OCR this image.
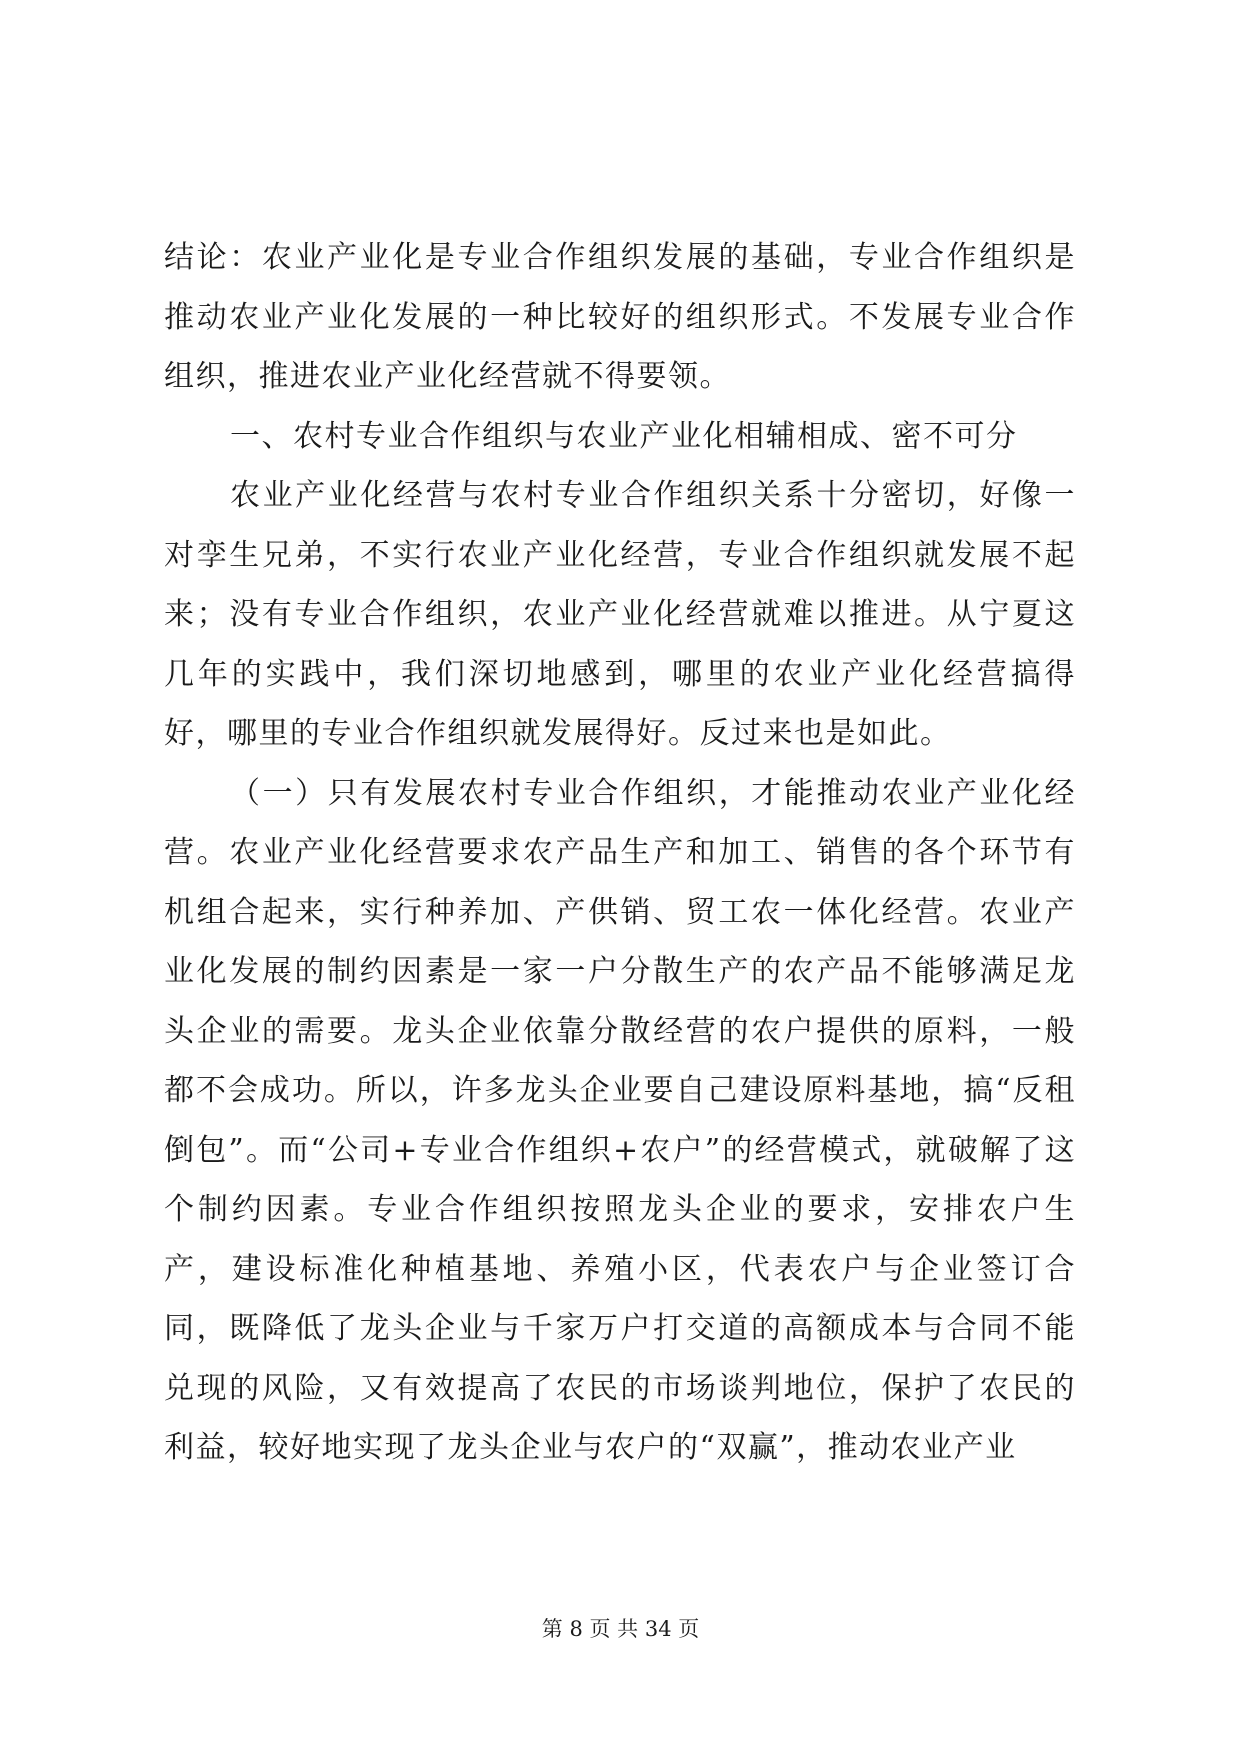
结论：农业产业化是专业合作组织发展的基础，专业合作组织是推动农业产业化发展的一种比较好的组织形式。不发展专业合作组织，推进农业产业化经营就不得要领。

一、农村专业合作组织与农业产业化相辅相成、密不可分

农业产业化经营与农村专业合作组织关系十分密切，好像一对孪生兄弟，不实行农业产业化经营，专业合作组织就发展不起来；没有专业合作组织，农业产业化经营就难以推进。从宁夏这几年的实践中，我们深切地感到，哪里的农业产业化经营搞得好，哪里的专业合作组织就发展得好。反过来也是如此。

（一）只有发展农村专业合作组织，才能推动农业产业化经营。农业产业化经营要求农产品生产和加工、销售的各个环节有机组合起来，实行种养加、产供销、贸工农一体化经营。农业产业化发展的制约因素是一家一户分散生产的农产品不能够满足龙头企业的需要。龙头企业依靠分散经营的农户提供的原料，一般都不会成功。所以，许多龙头企业要自己建设原料基地，搞“反租倒包”。而“公司+专业合作组织+农户”的经营模式，就破解了这个制约因素。专业合作组织按照龙头企业的要求，安排农户生产，建设标准化种植基地、养殖小区，代表农户与企业签订合同，既降低了龙头企业与千家万户打交道的高额成本与合同不能兑现的风险，又有效提高了农民的市场谈判地位，保护了农民的利益，较好地实现了龙头企业与农户的“双赢”，推动农业产业

第 8 页 共 34 页
